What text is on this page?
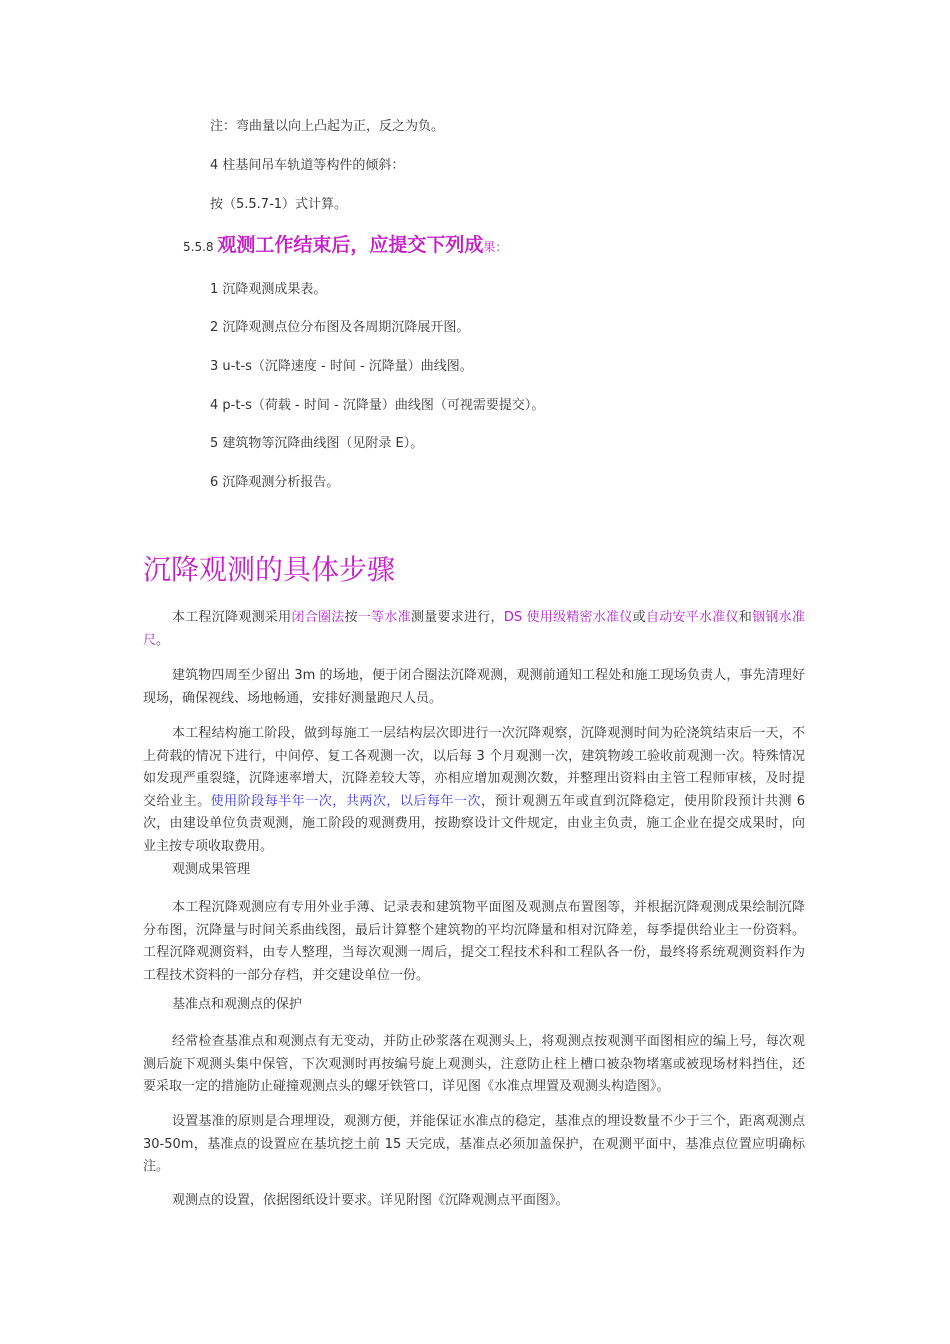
注：弯曲量以向上凸起为正，反之为负。
4 柱基间吊车轨道等构件的倾斜：
按（5.5.7-1）式计算。
5.5.8 观测工作结束后，应提交下列成果：
1 沉降观测成果表。
2 沉降观测点位分布图及各周期沉降展开图。
3 u-t-s（沉降速度 - 时间 - 沉降量）曲线图。
4 p-t-s（荷载 - 时间 - 沉降量）曲线图（可视需要提交）。
5 建筑物等沉降曲线图（见附录 E）。
6 沉降观测分析报告。
沉降观测的具体步骤
本工程沉降观测采用闭合圈法按一等水准测量要求进行，DS 使用级精密水准仪或自动安平水准仪和铟钢水准尺。
建筑物四周至少留出 3m 的场地，便于闭合圈法沉降观测，观测前通知工程处和施工现场负责人，事先清理好现场，确保视线、场地畅通，安排好测量跑尺人员。
本工程结构施工阶段，做到每施工一层结构层次即进行一次沉降观察，沉降观测时间为砼浇筑结束后一天，不上荷载的情况下进行，中间停、复工各观测一次，以后每 3 个月观测一次，建筑物竣工验收前观测一次。特殊情况如发现严重裂缝，沉降速率增大，沉降差较大等，亦相应增加观测次数，并整理出资料由主管工程师审核，及时提交给业主。使用阶段每半年一次，共两次，以后每年一次，预计观测五年或直到沉降稳定，使用阶段预计共测 6 次，由建设单位负责观测，施工阶段的观测费用，按勘察设计文件规定，由业主负责，施工企业在提交成果时，向业主按专项收取费用。
观测成果管理
本工程沉降观测应有专用外业手薄、记录表和建筑物平面图及观测点布置图等，并根据沉降观测成果绘制沉降分布图，沉降量与时间关系曲线图，最后计算整个建筑物的平均沉降量和相对沉降差，每季提供给业主一份资料。工程沉降观测资料，由专人整理，当每次观测一周后，提交工程技术科和工程队各一份，最终将系统观测资料作为工程技术资料的一部分存档，并交建设单位一份。
基准点和观测点的保护
经常检查基准点和观测点有无变动，并防止砂浆落在观测头上，将观测点按观测平面图相应的编上号，每次观测后旋下观测头集中保管，下次观测时再按编号旋上观测头，注意防止柱上槽口被杂物堵塞或被现场材料挡住，还要采取一定的措施防止碰撞观测点头的螺牙铁管口，详见图《水准点埋置及观测头构造图》。
设置基准的原则是合理埋设，观测方便，并能保证水准点的稳定，基准点的埋设数量不少于三个，距离观测点 30-50m，基准点的设置应在基坑挖土前 15 天完成，基准点必须加盖保护，在观测平面中，基准点位置应明确标注。
观测点的设置，依据图纸设计要求。详见附图《沉降观测点平面图》。
